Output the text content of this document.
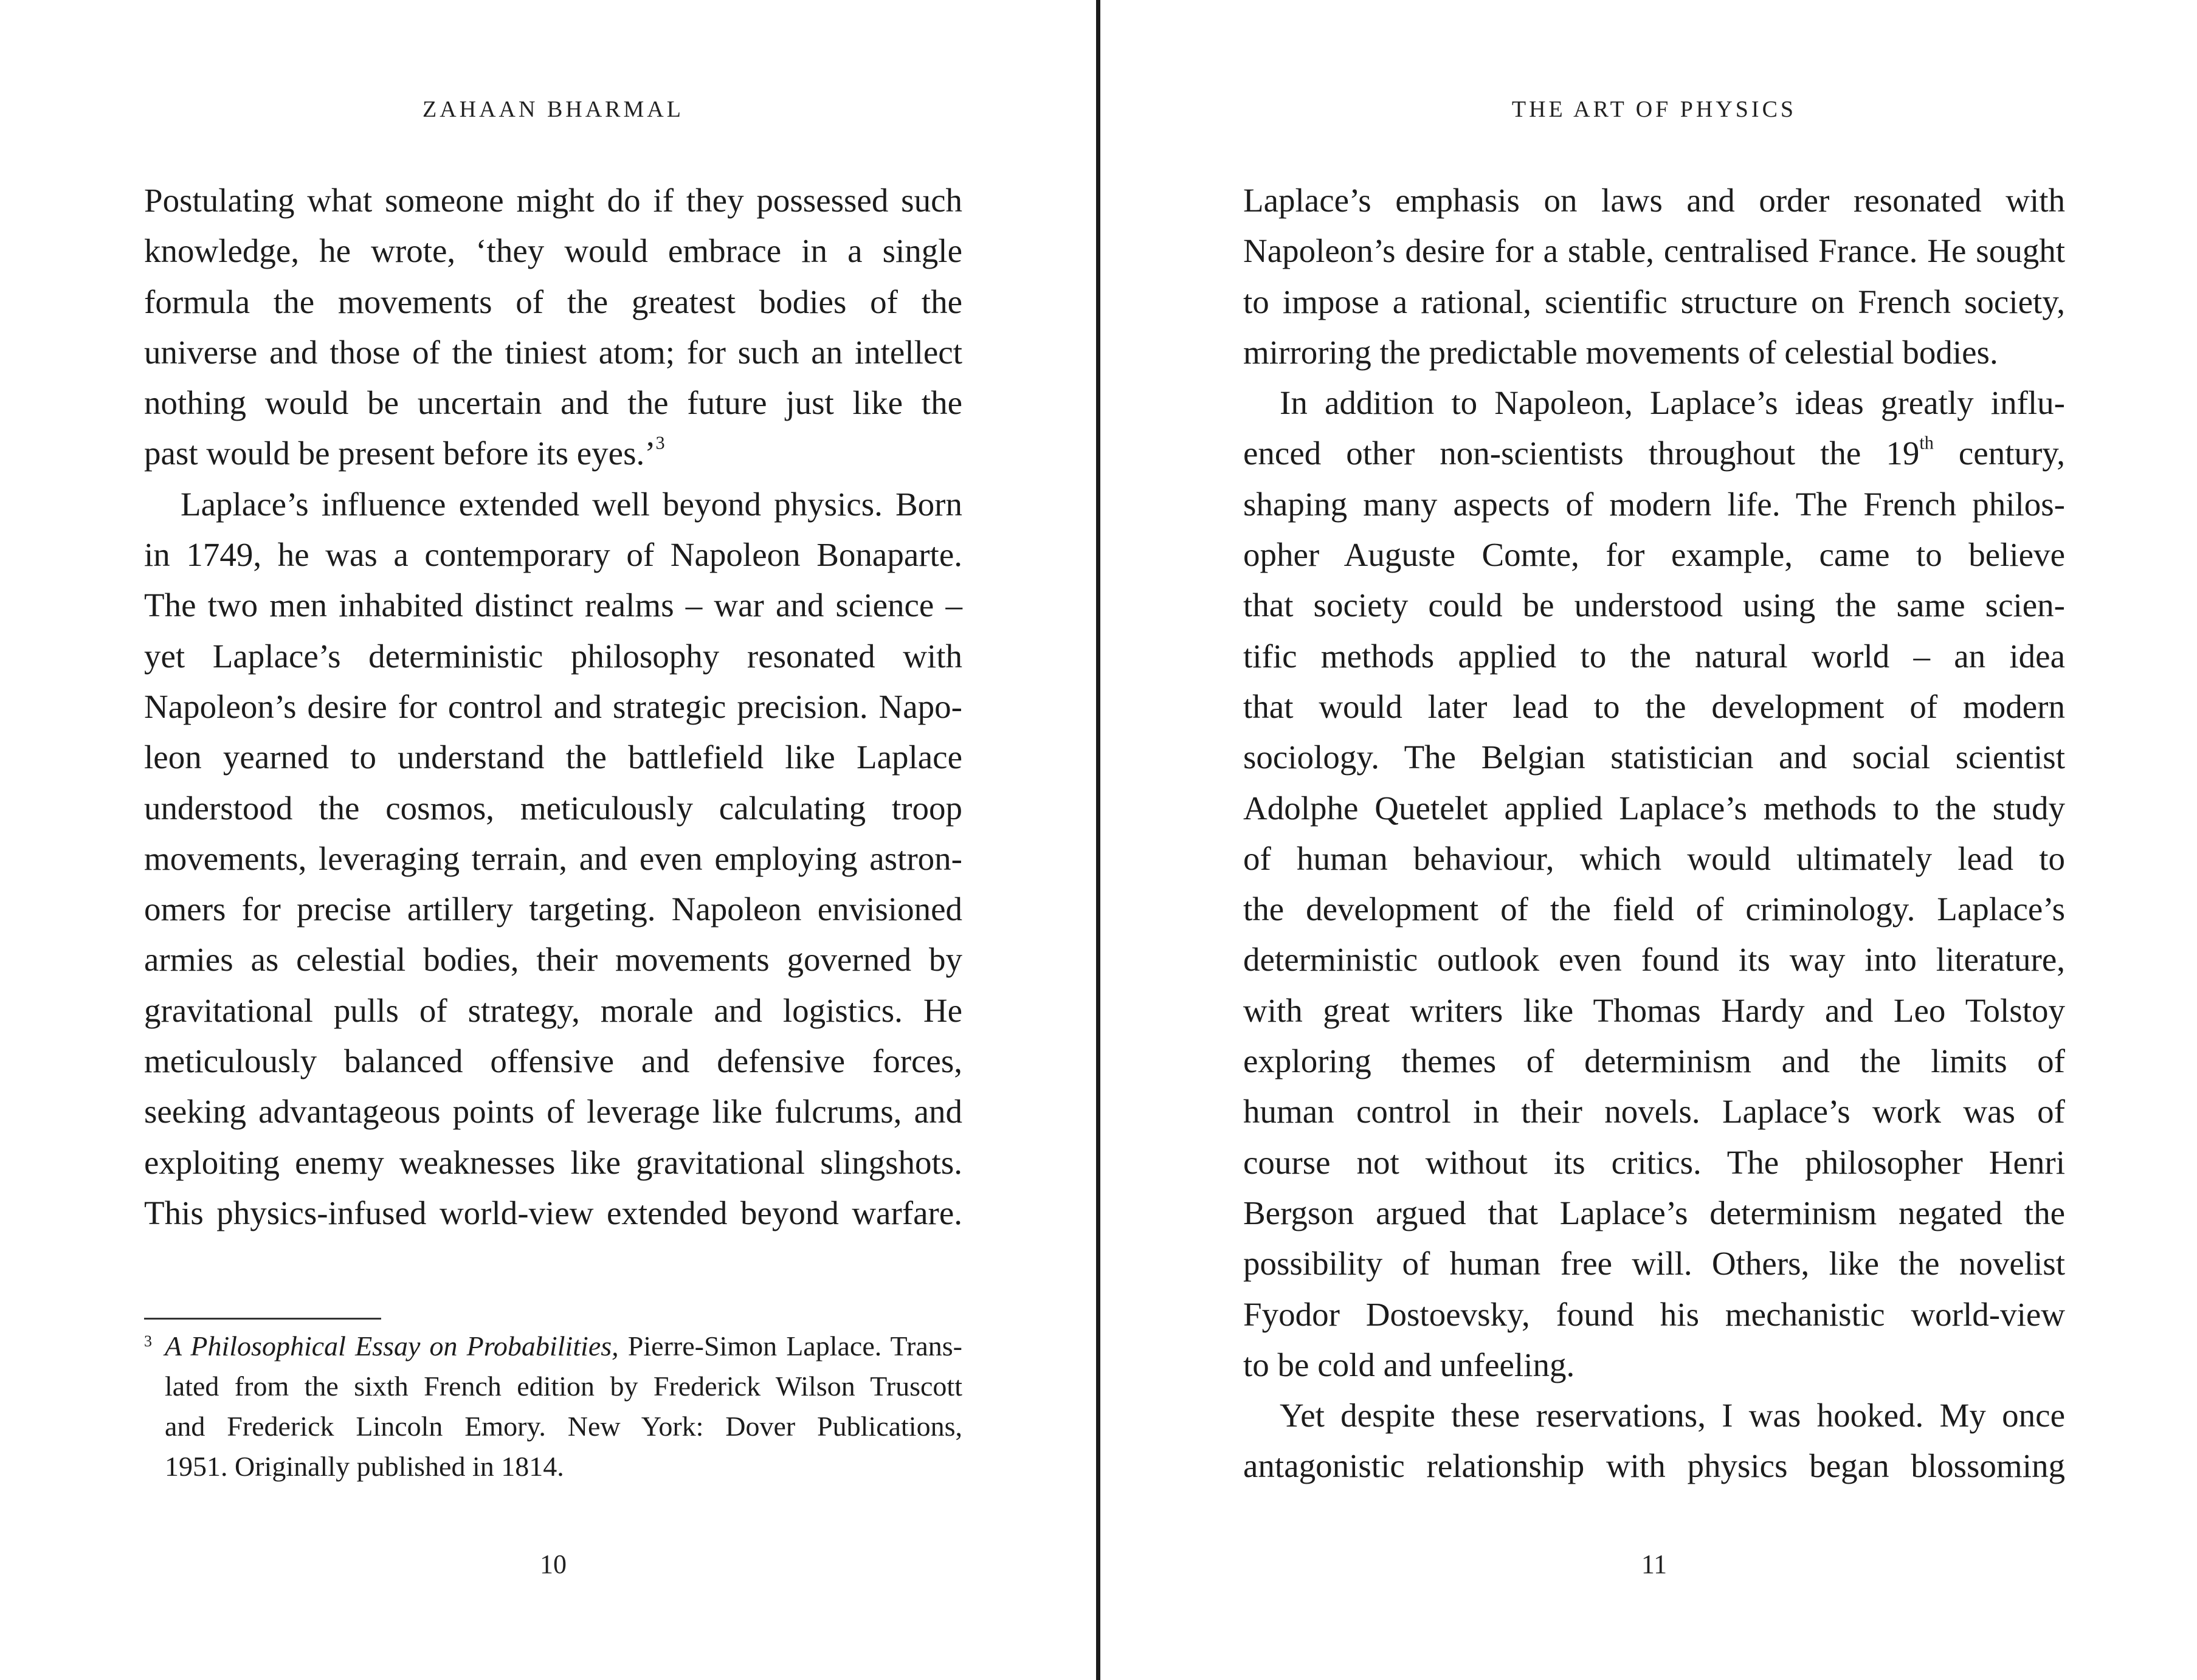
ZAHAAN BHARMAL
Postulating what someone might do if they possessed such
knowledge, he wrote, ‘they would embrace in a single
formula the movements of the greatest bodies of the
universe and those of the tiniest atom; for such an intellect
nothing would be uncertain and the future just like the
past would be present before its eyes.’$^3$
Laplace’s influence extended well beyond physics. Born
in 1749, he was a contemporary of Napoleon Bonaparte.
The two men inhabited distinct realms – war and science –
yet Laplace’s deterministic philosophy resonated with
Napoleon’s desire for control and strategic precision. Napo-
leon yearned to understand the battlefield like Laplace
understood the cosmos, meticulously calculating troop
movements, leveraging terrain, and even employing astron-
omers for precise artillery targeting. Napoleon envisioned
armies as celestial bodies, their movements governed by
gravitational pulls of strategy, morale and logistics. He
meticulously balanced offensive and defensive forces,
seeking advantageous points of leverage like fulcrums, and
exploiting enemy weaknesses like gravitational slingshots.
This physics-infused world-view extended beyond warfare.
3 A Philosophical Essay on Probabilities, Pierre-Simon Laplace. Trans-
lated from the sixth French edition by Frederick Wilson Truscott
and Frederick Lincoln Emory. New York: Dover Publications,
1951. Originally published in 1814.
10
THE ART OF PHYSICS
Laplace’s emphasis on laws and order resonated with
Napoleon’s desire for a stable, centralised France. He sought
to impose a rational, scientific structure on French society,
mirroring the predictable movements of celestial bodies.
In addition to Napoleon, Laplace’s ideas greatly influ-
enced other non-scientists throughout the 19th century,
shaping many aspects of modern life. The French philos-
opher Auguste Comte, for example, came to believe
that society could be understood using the same scien-
tific methods applied to the natural world – an idea
that would later lead to the development of modern
sociology. The Belgian statistician and social scientist
Adolphe Quetelet applied Laplace’s methods to the study
of human behaviour, which would ultimately lead to
the development of the field of criminology. Laplace’s
deterministic outlook even found its way into literature,
with great writers like Thomas Hardy and Leo Tolstoy
exploring themes of determinism and the limits of
human control in their novels. Laplace’s work was of
course not without its critics. The philosopher Henri
Bergson argued that Laplace’s determinism negated the
possibility of human free will. Others, like the novelist
Fyodor Dostoevsky, found his mechanistic world-view
to be cold and unfeeling.
Yet despite these reservations, I was hooked. My once
antagonistic relationship with physics began blossoming
11
